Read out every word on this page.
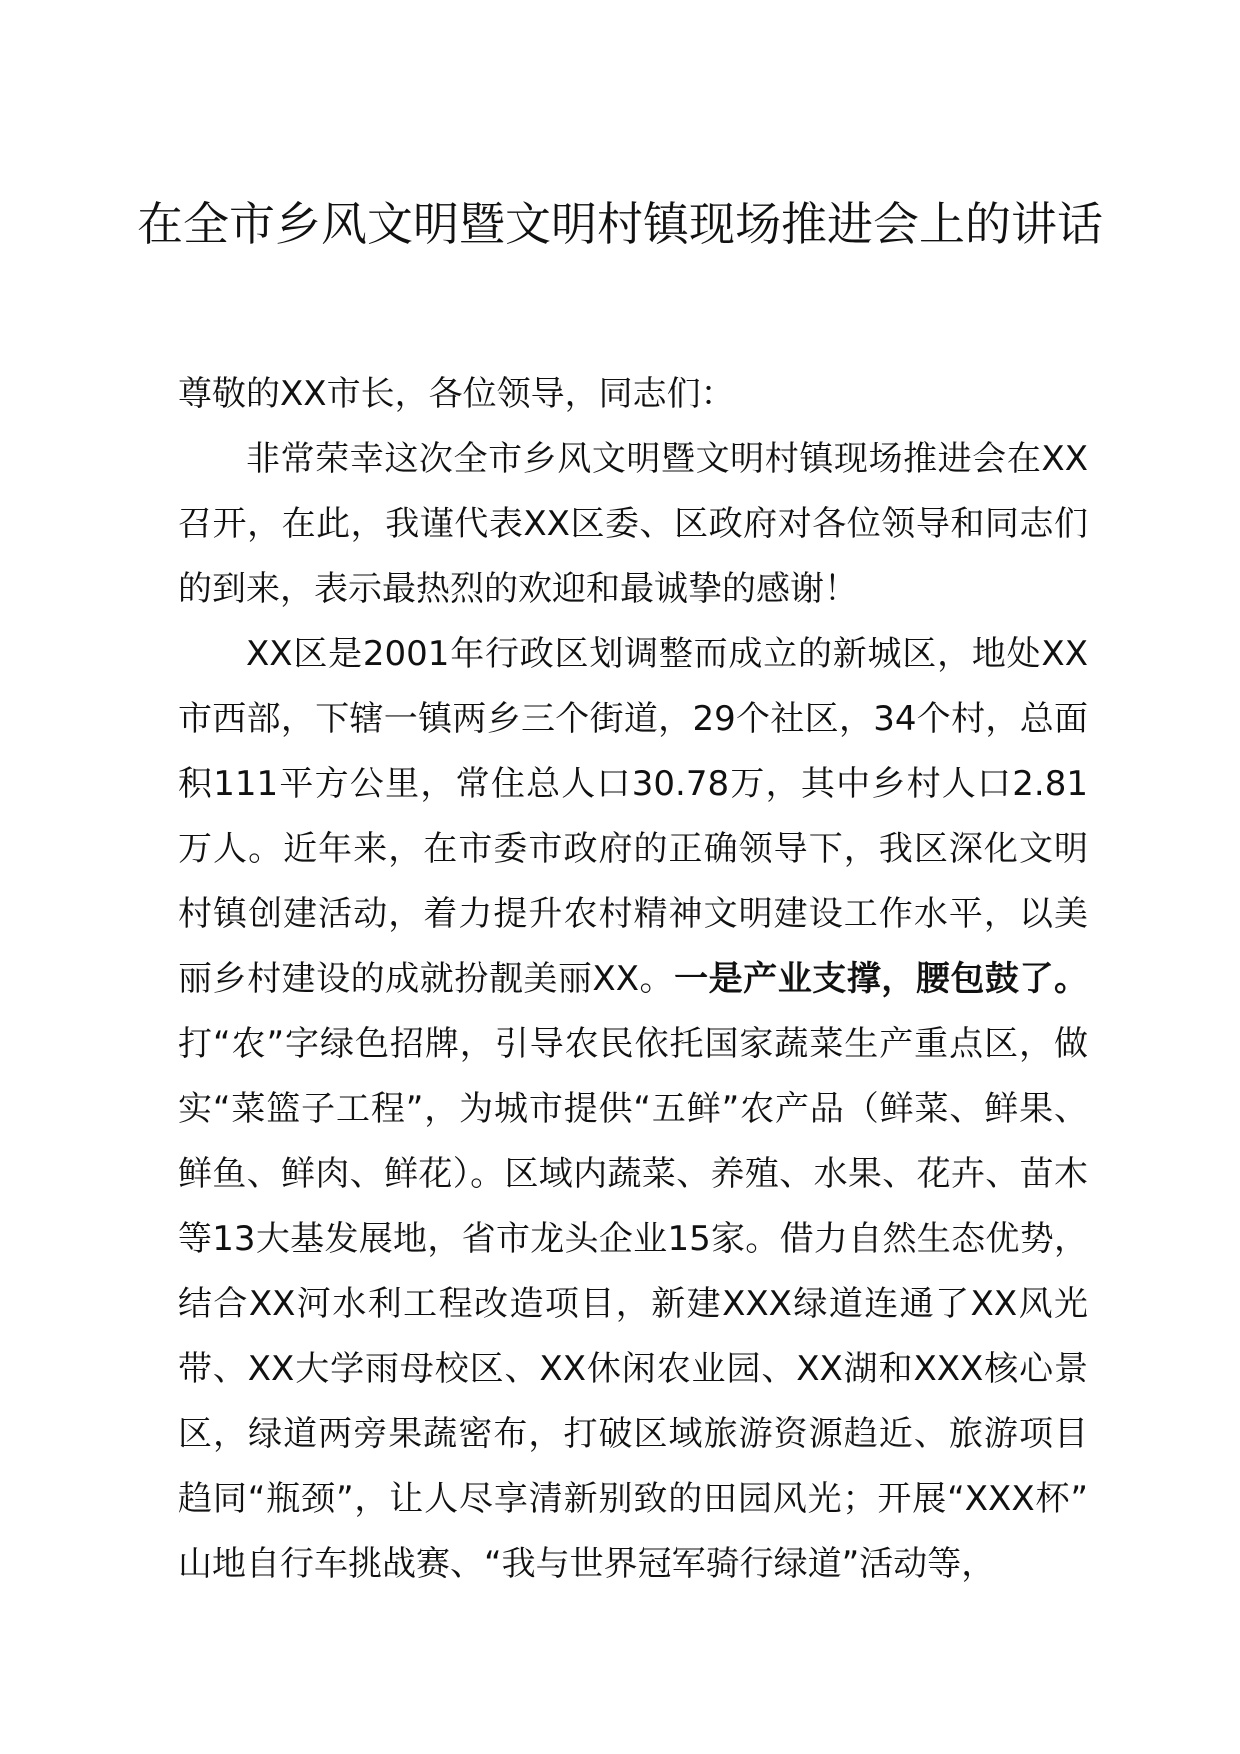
在全市乡风文明暨文明村镇现场推进会上的讲话

尊敬的XX市长，各位领导，同志们：

非常荣幸这次全市乡风文明暨文明村镇现场推进会在XX召开，在此，我谨代表XX区委、区政府对各位领导和同志们的到来，表示最热烈的欢迎和最诚挚的感谢！

XX区是2001年行政区划调整而成立的新城区，地处XX市西部，下辖一镇两乡三个街道，29个社区，34个村，总面积111平方公里，常住总人口30.78万，其中乡村人口2.81万人。近年来，在市委市政府的正确领导下，我区深化文明村镇创建活动，着力提升农村精神文明建设工作水平，以美丽乡村建设的成就扮靓美丽XX。一是产业支撑，腰包鼓了。打“农”字绿色招牌，引导农民依托国家蔬菜生产重点区，做实“菜篮子工程”，为城市提供“五鲜”农产品（鲜菜、鲜果、鲜鱼、鲜肉、鲜花）。区域内蔬菜、养殖、水果、花卉、苗木等13大基发展地，省市龙头企业15家。借力自然生态优势，结合XX河水利工程改造项目，新建XXX绿道连通了XX风光带、XX大学雨母校区、XX休闲农业园、XX湖和XXX核心景区，绿道两旁果蔬密布，打破区域旅游资源趋近、旅游项目趋同“瓶颈”，让人尽享清新别致的田园风光；开展“XXX杯”山地自行车挑战赛、“我与世界冠军骑行绿道”活动等，
